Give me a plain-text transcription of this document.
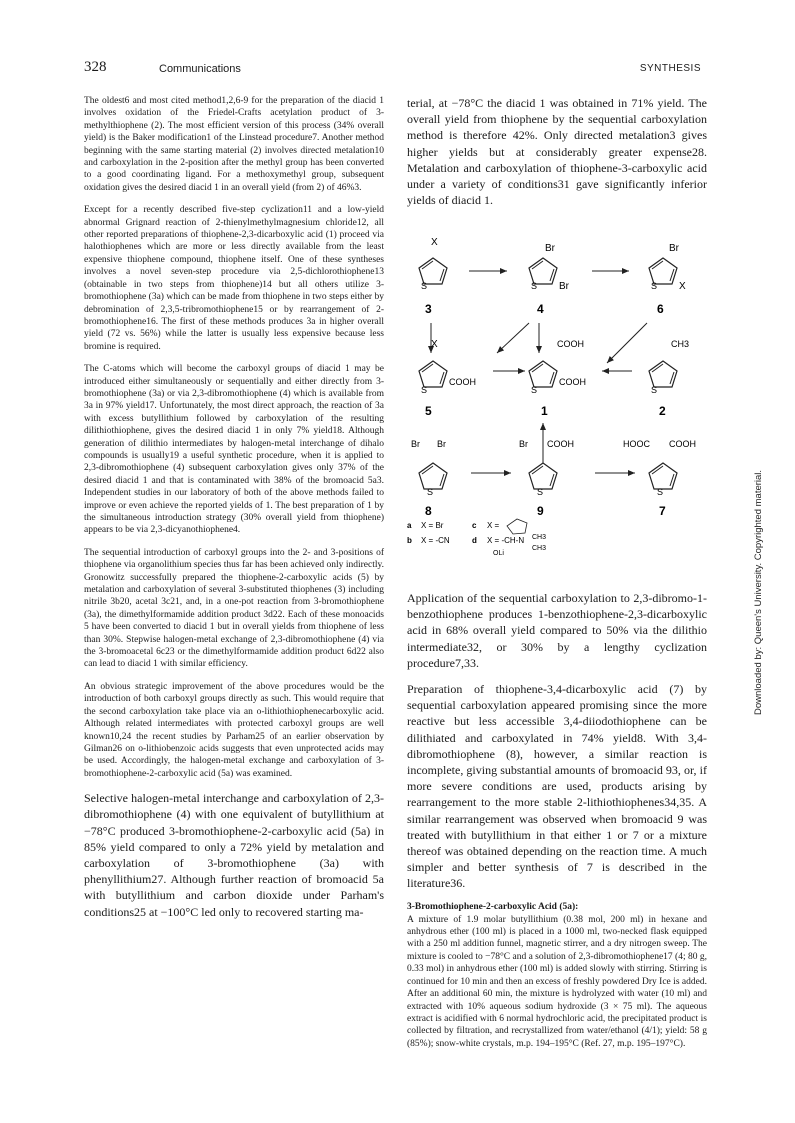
328	Communications	SYNTHESIS

The oldest6 and most cited method1,2,6-9 for the preparation of the diacid 1 involves oxidation of the Friedel-Crafts acetylation product of 3-methylthiophene (2). The most efficient version of this process (34% overall yield) is the Baker modification1 of the Linstead procedure7. Another method beginning with the same starting material (2) involves directed metalation10 and carboxylation in the 2-position after the methyl group has been converted to a good coordinating ligand. For a methoxymethyl group, subsequent oxidation gives the desired diacid 1 in an overall yield (from 2) of 46%3.

Except for a recently described five-step cyclization11 and a low-yield abnormal Grignard reaction of 2-thienylmethylmagnesium chloride12, all other reported preparations of thiophene-2,3-dicarboxylic acid (1) proceed via halothiophenes which are more or less directly available from the least expensive thiophene compound, thiophene itself. One of these syntheses involves a novel seven-step procedure via 2,5-dichlorothiophene13 (obtainable in two steps from thiophene)14 but all others utilize 3-bromothiophene (3a) which can be made from thiophene in two steps either by debromination of 2,3,5-tribromothiophene15 or by rearrangement of 2-bromothiophene16. The first of these methods produces 3a in higher overall yield (72 vs. 56%) while the latter is usually less expensive because less bromine is required.

The C-atoms which will become the carboxyl groups of diacid 1 may be introduced either simultaneously or sequentially and either directly from 3-bromothiophene (3a) or via 2,3-dibromothiophene (4) which is available from 3a in 97% yield17. Unfortunately, the most direct approach, the reaction of 3a with excess butyllithium followed by carboxylation of the resulting dilithiothiophene, gives the desired diacid 1 in only 7% yield18. Although generation of dilithio intermediates by halogen-metal interchange of dihalo compounds is usually19 a useful synthetic procedure, when it is applied to 2,3-dibromothiophene (4) subsequent carboxylation gives only 37% of the desired diacid 1 and that is contaminated with 38% of the bromoacid 5a3. Independent studies in our laboratory of both of the above methods failed to improve or even achieve the reported yields of 1. The best preparation of 1 by the simultaneous introduction strategy (30% overall yield from thiophene) appears to be via 2,3-dicyanothiophene4.

The sequential introduction of carboxyl groups into the 2- and 3-positions of thiophene via organolithium species thus far has been achieved only indirectly. Gronowitz successfully prepared the thiophene-2-carboxylic acids (5) by metalation and carboxylation of several 3-substituted thiophenes (3) including nitrile 3b20, acetal 3c21, and, in a one-pot reaction from 3-bromothiophene (3a), the dimethylformamide addition product 3d22. Each of these monoacids 5 have been converted to diacid 1 but in overall yields from thiophene of less than 30%. Stepwise halogen-metal exchange of 2,3-dibromothiophene (4) via the 3-bromoacetal 6c23 or the dimethylformamide addition product 6d22 also can lead to diacid 1 with similar efficiency.

An obvious strategic improvement of the above procedures would be the introduction of both carboxyl groups directly as such. This would require that the second carboxylation take place via an o-lithiothiophenecarboxylic acid. Although related intermediates with protected carboxyl groups are well known10,24 the recent studies by Parham25 of an earlier observation by Gilman26 on o-lithiobenzoic acids suggests that even unprotected acids may be used. Accordingly, the halogen-metal exchange and carboxylation of 3-bromothiophene-2-carboxylic acid (5a) was examined.

Selective halogen-metal interchange and carboxylation of 2,3-dibromothiophene (4) with one equivalent of butyllithium at −78°C produced 3-bromothiophene-2-carboxylic acid (5a) in 85% yield compared to only a 72% yield by metalation and carboxylation of 3-bromothiophene (3a) with phenyllithium27. Although further reaction of bromoacid 5a with butyllithium and carbon dioxide under Parham's conditions25 at −100°C led only to recovered starting ma-

terial, at −78°C the diacid 1 was obtained in 71% yield. The overall yield from thiophene by the sequential carboxylation method is therefore 42%. Only directed metalation3 gives higher yields but at considerably greater expense28. Metalation and carboxylation of thiophene-3-carboxylic acid under a variety of conditions31 gave significantly inferior yields of diacid 1.

X
S
3
Br
Br
S
4
Br
X
S
6
X
COOH
S
5
COOH
COOH
S
1
CH3
S
2
Br Br
S
8
Br COOH
S
9
HOOC COOH
S
7
a X = Br
b X = -CN
c X =
d X = -CH-N CH3
CH3
OLi

Application of the sequential carboxylation to 2,3-dibromo-1-benzothiophene produces 1-benzothiophene-2,3-dicarboxylic acid in 68% overall yield compared to 50% via the dilithio intermediate32, or 30% by a lengthy cyclization procedure7,33.

Preparation of thiophene-3,4-dicarboxylic acid (7) by sequential carboxylation appeared promising since the more reactive but less accessible 3,4-diiodothiophene can be dilithiated and carboxylated in 74% yield8. With 3,4-dibromothiophene (8), however, a similar reaction is incomplete, giving substantial amounts of bromoacid 93, or, if more severe conditions are used, products arising by rearrangement to the more stable 2-lithiothiophenes34,35. A similar rearrangement was observed when bromoacid 9 was treated with butyllithium in that either 1 or 7 or a mixture thereof was obtained depending on the reaction time. A much simpler and better synthesis of 7 is described in the literature36.

3-Bromothiophene-2-carboxylic Acid (5a):

A mixture of 1.9 molar butyllithium (0.38 mol, 200 ml) in hexane and anhydrous ether (100 ml) is placed in a 1000 ml, two-necked flask equipped with a 250 ml addition funnel, magnetic stirrer, and a dry nitrogen sweep. The mixture is cooled to −78°C and a solution of 2,3-dibromothiophene17 (4; 80 g, 0.33 mol) in anhydrous ether (100 ml) is added slowly with stirring. Stirring is continued for 10 min and then an excess of freshly powdered Dry Ice is added. After an additional 60 min, the mixture is hydrolyzed with water (10 ml) and extracted with 10% aqueous sodium hydroxide (3 × 75 ml). The aqueous extract is acidified with 6 normal hydrochloric acid, the precipitated product is collected by filtration, and recrystallized from water/ethanol (4/1); yield: 58 g (85%); snow-white crystals, m.p. 194–195°C (Ref. 27, m.p. 195–197°C).

Downloaded by: Queen's University. Copyrighted material.
